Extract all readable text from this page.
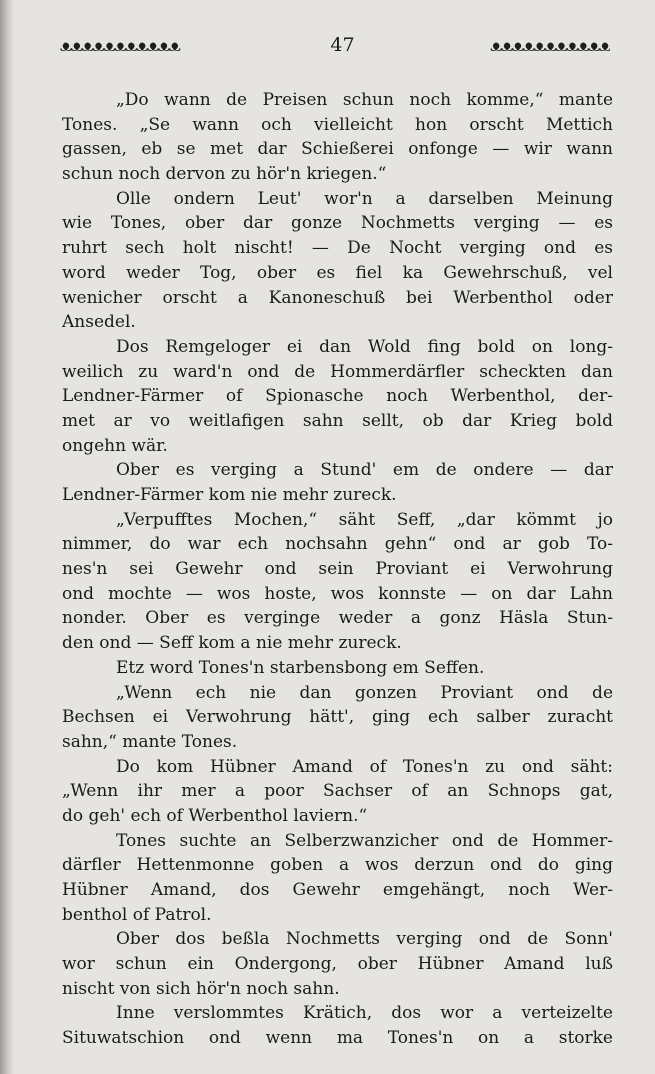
ᴥᴥᴥᴥᴥᴥᴥᴥᴥᴥᴥ	47	ᴥᴥᴥᴥᴥᴥᴥᴥᴥᴥᴥ
„Do wann de Preisen schun noch komme,“ mante
Tones. „Se wann och vielleicht hon orscht Mettich
gassen, eb se met dar Schießerei onfonge — wir wann
schun noch dervon zu hör'n kriegen.“
Olle ondern Leut' wor'n a darselben Meinung
wie Tones, ober dar gonze Nochmetts verging — es
ruhrt sech holt nischt! — De Nocht verging ond es
word weder Tog, ober es fiel ka Gewehrschuß, vel
wenicher orscht a Kanoneschuß bei Werbenthol oder
Ansedel.
Dos Remgeloger ei dan Wold fing bold on long-
weilich zu ward'n ond de Hommerdärfler scheckten dan
Lendner-Färmer of Spionasche noch Werbenthol, der-
met ar vo weitlafigen sahn sellt, ob dar Krieg bold
ongehn wär.
Ober es verging a Stund' em de ondere — dar
Lendner-Färmer kom nie mehr zureck.
„Verpufftes Mochen,“ säht Seff, „dar kömmt jo
nimmer, do war ech nochsahn gehn“ ond ar gob To-
nes'n sei Gewehr ond sein Proviant ei Verwohrung
ond mochte — wos hoste, wos konnste — on dar Lahn
nonder. Ober es verginge weder a gonz Häsla Stun-
den ond — Seff kom a nie mehr zureck.
Etz word Tones'n starbensbong em Seffen.
„Wenn ech nie dan gonzen Proviant ond de
Bechsen ei Verwohrung hätt', ging ech salber zuracht
sahn,“ mante Tones.
Do kom Hübner Amand of Tones'n zu ond säht:
„Wenn ihr mer a poor Sachser of an Schnops gat,
do geh' ech of Werbenthol laviern.“
Tones suchte an Selberzwanzicher ond de Hommer-
därfler Hettenmonne goben a wos derzun ond do ging
Hübner Amand, dos Gewehr emgehängt, noch Wer-
benthol of Patrol.
Ober dos beßla Nochmetts verging ond de Sonn'
wor schun ein Ondergong, ober Hübner Amand luß
nischt von sich hör'n noch sahn.
Inne verslommtes Krätich, dos wor a verteizelte
Situwatschion ond wenn ma Tones'n on a storke
